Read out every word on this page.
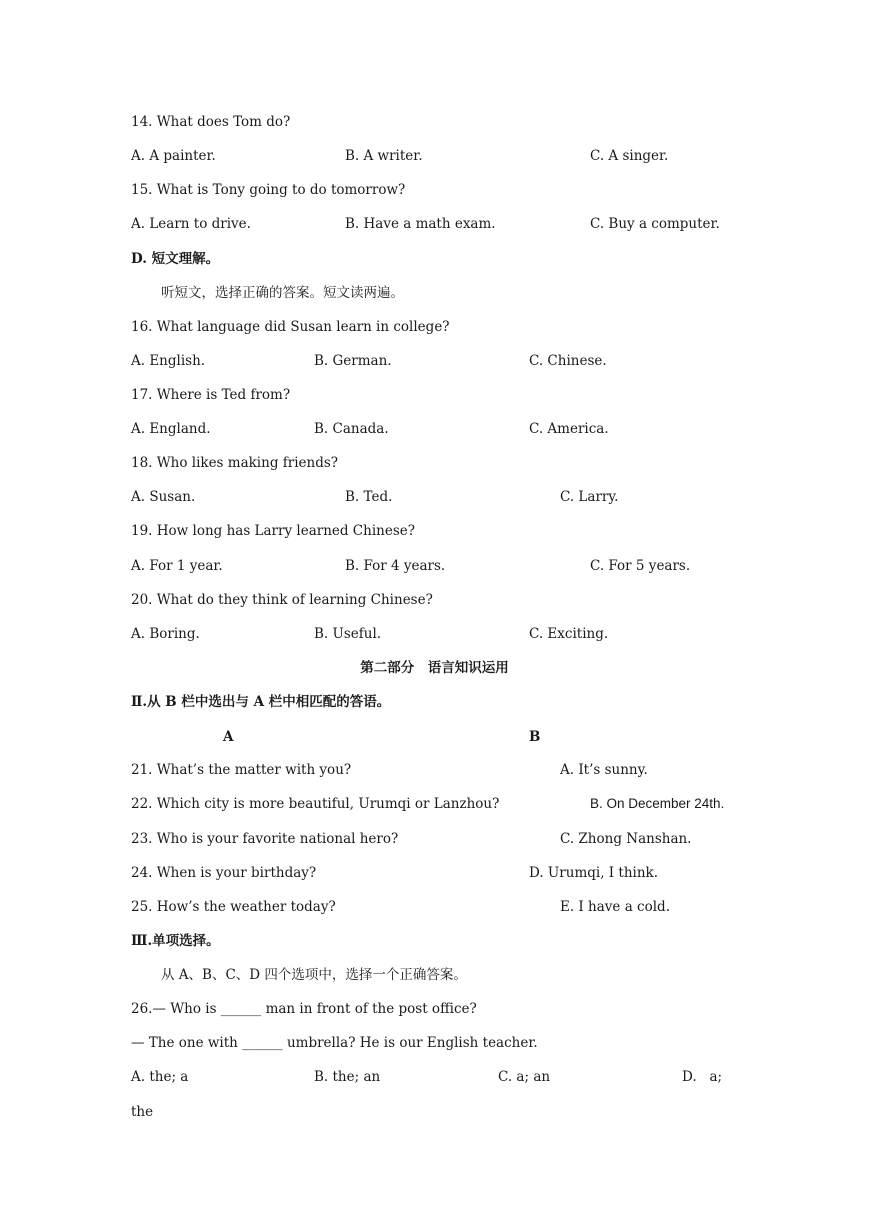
14. What does Tom do?
A. A painter.	B. A writer.	C. A singer.
15. What is Tony going to do tomorrow?
A. Learn to drive.	B. Have a math exam.	C. Buy a computer.
D. 短文理解。
听短文，选择正确的答案。短文读两遍。
16. What language did Susan learn in college?
A. English.	B. German.	C. Chinese.
17. Where is Ted from?
A. England.	B. Canada.	C. America.
18. Who likes making friends?
A. Susan.	B. Ted.	C. Larry.
19. How long has Larry learned Chinese?
A. For 1 year.	B. For 4 years.	C. For 5 years.
20. What do they think of learning Chinese?
A. Boring.	B. Useful.	C. Exciting.
第二部分　语言知识运用
Ⅱ.从 B 栏中选出与 A 栏中相匹配的答语。
A	B
21. What’s the matter with you?	A. It’s sunny.
22. Which city is more beautiful, Urumqi or Lanzhou?	B. On December 24th.
23. Who is your favorite national hero?	C. Zhong Nanshan.
24. When is your birthday?	D. Urumqi, I think.
25. How’s the weather today?	E. I have a cold.
Ⅲ.单项选择。
从 A、B、C、D 四个选项中，选择一个正确答案。
26.— Who is ______ man in front of the post office?
— The one with ______ umbrella? He is our English teacher.
A. the; a	B. the; an	C. a; an	D.   a;
the
